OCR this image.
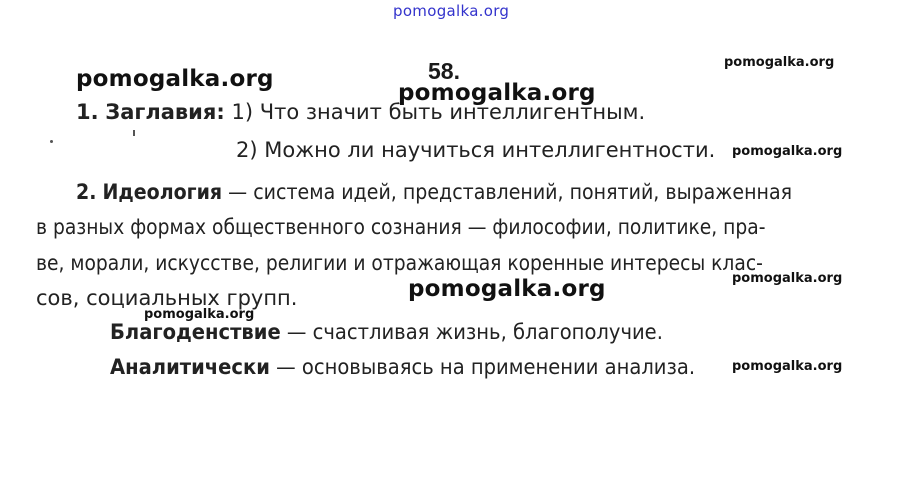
pomogalka.org
pomogalka.org
pomogalka.org
pomogalka.org
pomogalka.org
pomogalka.org
pomogalka.org
pomogalka.org
pomogalka.org
58.
1. Заглавия: 1) Что значит быть интеллигентным.
2) Можно ли научиться интеллигентности.
2. Идеология — система идей, представлений, понятий, выраженная
в разных формах общественного сознания — философии, политике, пра-
ве, морали, искусстве, религии и отражающая коренные интересы клас-
сов, социальных групп.
Благоденствие — счастливая жизнь, благополучие.
Аналитически — основываясь на применении анализа.
